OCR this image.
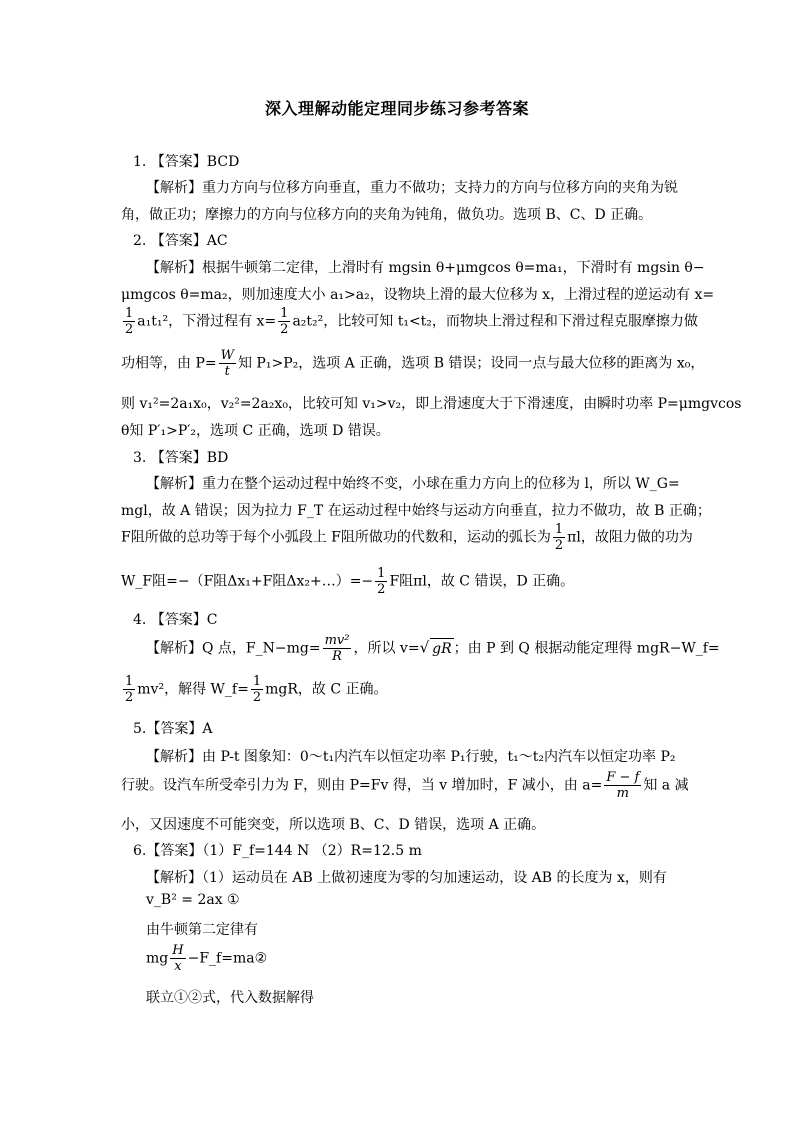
深入理解动能定理同步练习参考答案
1. 【答案】BCD
【解析】重力方向与位移方向垂直，重力不做功；支持力的方向与位移方向的夹角为锐
角，做正功；摩擦力的方向与位移方向的夹角为钝角，做负功。选项 B、C、D 正确。
2. 【答案】AC
【解析】根据牛顿第二定律，上滑时有 mgsin θ+μmgcos θ=ma₁，下滑时有 mgsin θ−
μmgcos θ=ma₂，则加速度大小 a₁>a₂，设物块上滑的最大位移为 x，上滑过程的逆运动有 x=
$\frac{1}{2} a_1t_1^2$，下滑过程有 $x= \frac{1}{2} a_2t_2^2$，比较可知 t₁<t₂，而物块上滑过程和下滑过程克服摩擦力做
功相等，由 $P= \frac{W}{t}$ 知 P₁>P₂，选项 A 正确，选项 B 错误；设同一点与最大位移的距离为 x₀，
则 v₁²=2a₁x₀，v₂²=2a₂x₀，比较可知 v₁>v₂，即上滑速度大于下滑速度，由瞬时功率 P=μmgvcos
θ知 P′₁>P′₂，选项 C 正确，选项 D 错误。
3. 【答案】BD
【解析】重力在整个运动过程中始终不变，小球在重力方向上的位移为 l，所以 W_G=
mgl，故 A 错误；因为拉力 F_T 在运动过程中始终与运动方向垂直，拉力不做功，故 B 正确；
F阻所做的总功等于每个小弧段上 F阻所做功的代数和，运动的弧长为 $\frac{1}{2}$ πl，故阻力做的功为
W_F阻=−（F阻Δx₁+F阻Δx₂+…）=− $\frac{1}{2}$ F阻πl，故 C 错误，D 正确。
4. 【答案】C
【解析】Q 点，F_N−mg= $\frac{\text{mv²}}{R}$ ，所以 v=√ gR ；由 P 到 Q 根据动能定理得 mgR−W_f=
$\frac{1}{2} mv^2$，解得 W_f= $\frac{1}{2}$ mgR，故 C 正确。
5.【答案】A
【解析】由 P-t 图象知：0～t₁内汽车以恒定功率 P₁行驶，t₁～t₂内汽车以恒定功率 P₂
行驶。设汽车所受牵引力为 F，则由 P=Fv 得，当 v 增加时，F 减小，由 $a= \frac{F - f}{m}$ 知 a 减
小，又因速度不可能突变，所以选项 B、C、D 错误，选项 A 正确。
6.【答案】（1）F_f=144 N （2）R=12.5 m
【解析】（1）运动员在 AB 上做初速度为零的匀加速运动，设 AB 的长度为 x，则有
v_B² = 2ax ①
由牛顿第二定律有
mg $\frac{H}{x}$ −F_f=ma②
联立①②式，代入数据解得
